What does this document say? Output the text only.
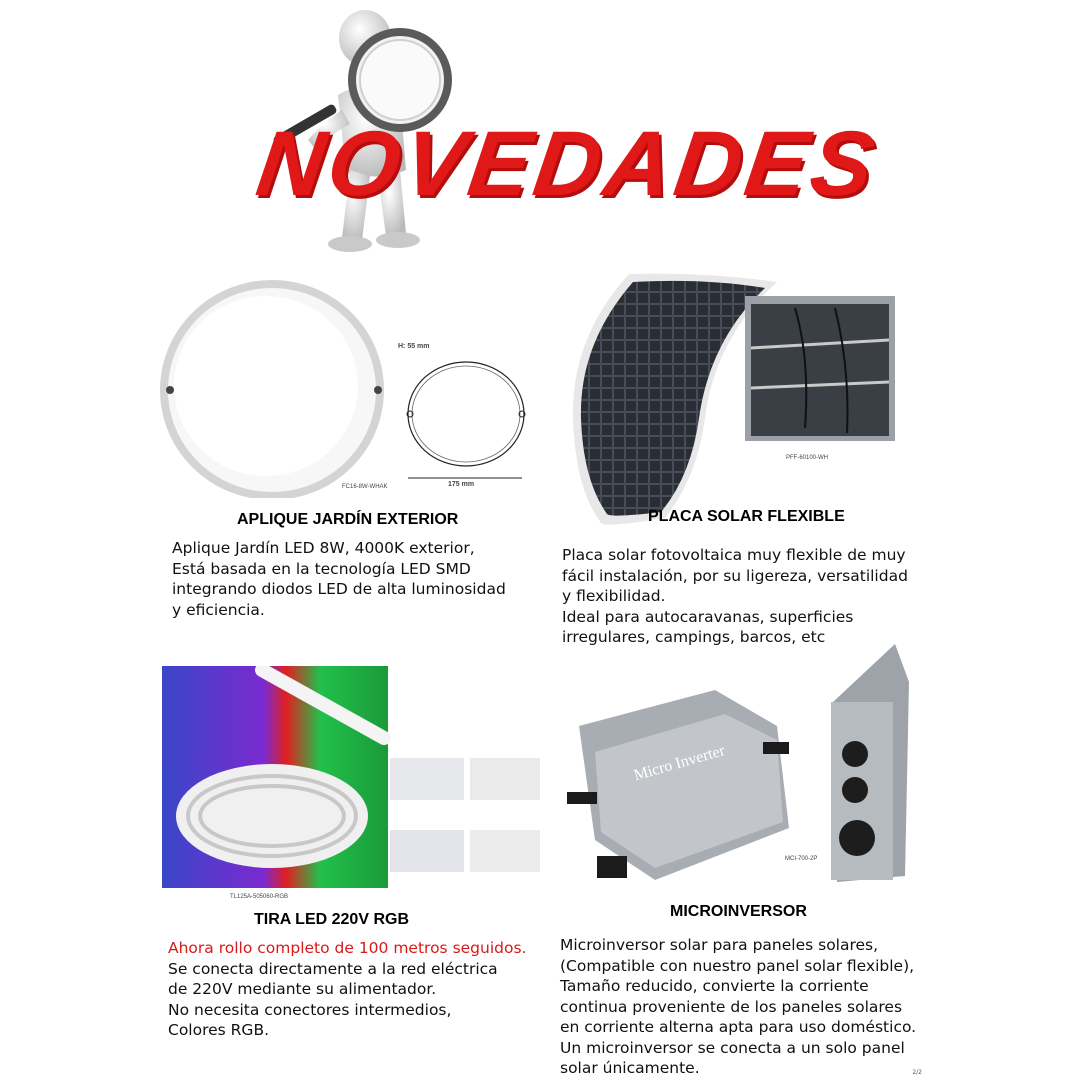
NOVEDADES
H: 55 mm
175 mm
FC16-8W-WHAK
APLIQUE JARDÍN EXTERIOR
Aplique Jardín LED 8W, 4000K exterior,
Está basada en la tecnología LED SMD
integrando diodos LED de alta luminosidad
y eficiencia.
PFF-60100-WH
PLACA SOLAR FLEXIBLE
Placa solar fotovoltaica muy flexible de muy
fácil instalación, por su ligereza, versatilidad
y flexibilidad.
Ideal para autocaravanas, superficies
irregulares, campings, barcos, etc
TL125A-505060-RGB
TIRA LED 220V RGB
Ahora rollo completo de 100 metros seguidos.
Se conecta directamente a la red eléctrica
de 220V mediante su alimentador.
No necesita conectores intermedios,
Colores RGB.
Micro Inverter
MCI-700-2P
MICROINVERSOR
Microinversor solar para paneles solares,
(Compatible con nuestro panel solar flexible),
Tamaño reducido, convierte la corriente
continua proveniente de los paneles solares
en corriente alterna apta para uso doméstico.
Un microinversor se conecta a un solo panel
solar únicamente.	2/2
